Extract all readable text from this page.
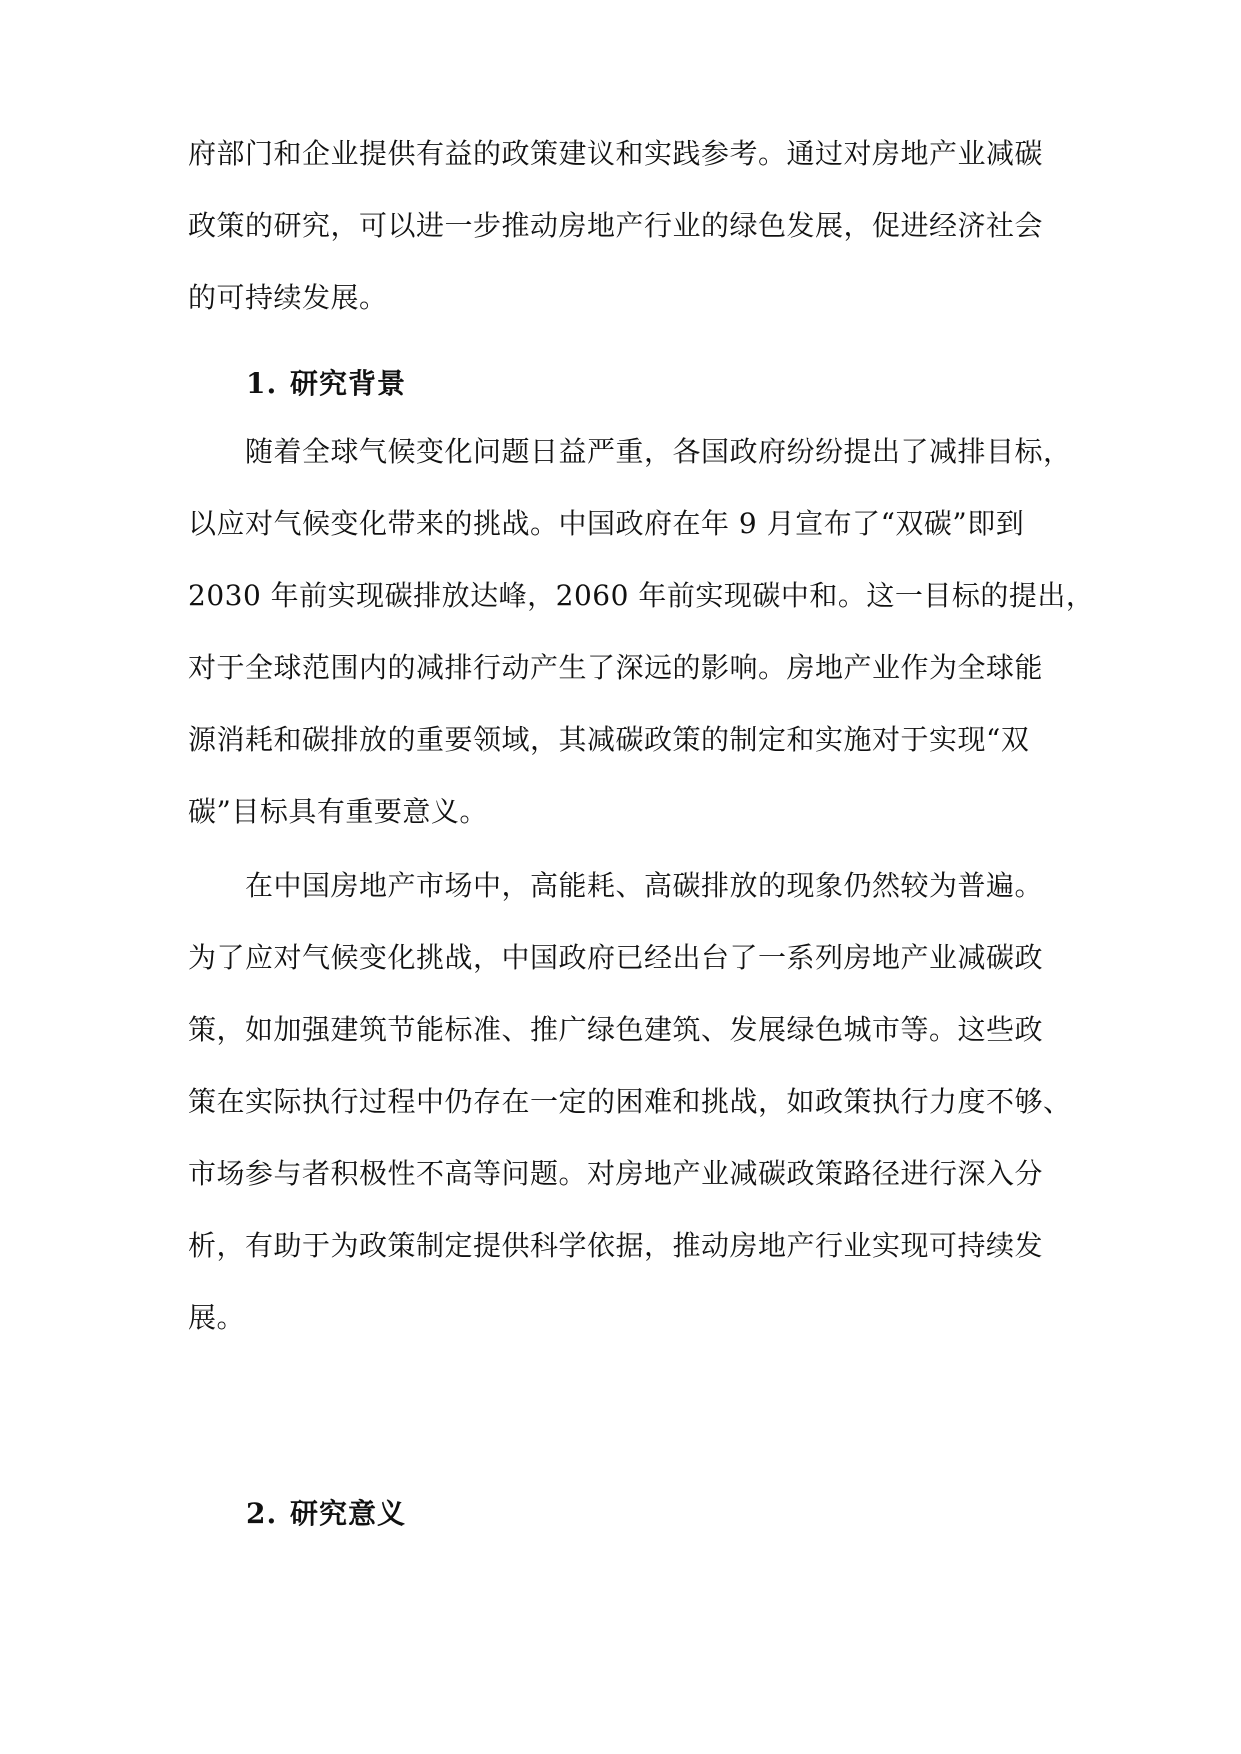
府部门和企业提供有益的政策建议和实践参考。通过对房地产业减碳
政策的研究，可以进一步推动房地产行业的绿色发展，促进经济社会
的可持续发展。
1. 研究背景
　　随着全球气候变化问题日益严重，各国政府纷纷提出了减排目标，
以应对气候变化带来的挑战。中国政府在年 9 月宣布了“双碳”即到
2030 年前实现碳排放达峰，2060 年前实现碳中和。这一目标的提出，
对于全球范围内的减排行动产生了深远的影响。房地产业作为全球能
源消耗和碳排放的重要领域，其减碳政策的制定和实施对于实现“双
碳”目标具有重要意义。
　　在中国房地产市场中，高能耗、高碳排放的现象仍然较为普遍。
为了应对气候变化挑战，中国政府已经出台了一系列房地产业减碳政
策，如加强建筑节能标准、推广绿色建筑、发展绿色城市等。这些政
策在实际执行过程中仍存在一定的困难和挑战，如政策执行力度不够、
市场参与者积极性不高等问题。对房地产业减碳政策路径进行深入分
析，有助于为政策制定提供科学依据，推动房地产行业实现可持续发
展。
2. 研究意义
